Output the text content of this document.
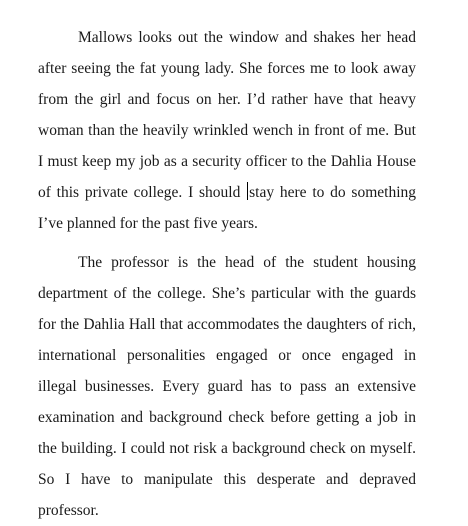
Mallows looks out the window and shakes her head after seeing the fat young lady. She forces me to look away from the girl and focus on her. I’d rather have that heavy woman than the heavily wrinkled wench in front of me. But I must keep my job as a security officer to the Dahlia House of this private college. I should stay here to do something I’ve planned for the past five years.

The professor is the head of the student housing department of the college. She’s particular with the guards for the Dahlia Hall that accommodates the daughters of rich, international personalities engaged or once engaged in illegal businesses. Every guard has to pass an extensive examination and background check before getting a job in the building. I could not risk a background check on myself. So I have to manipulate this desperate and depraved professor.
